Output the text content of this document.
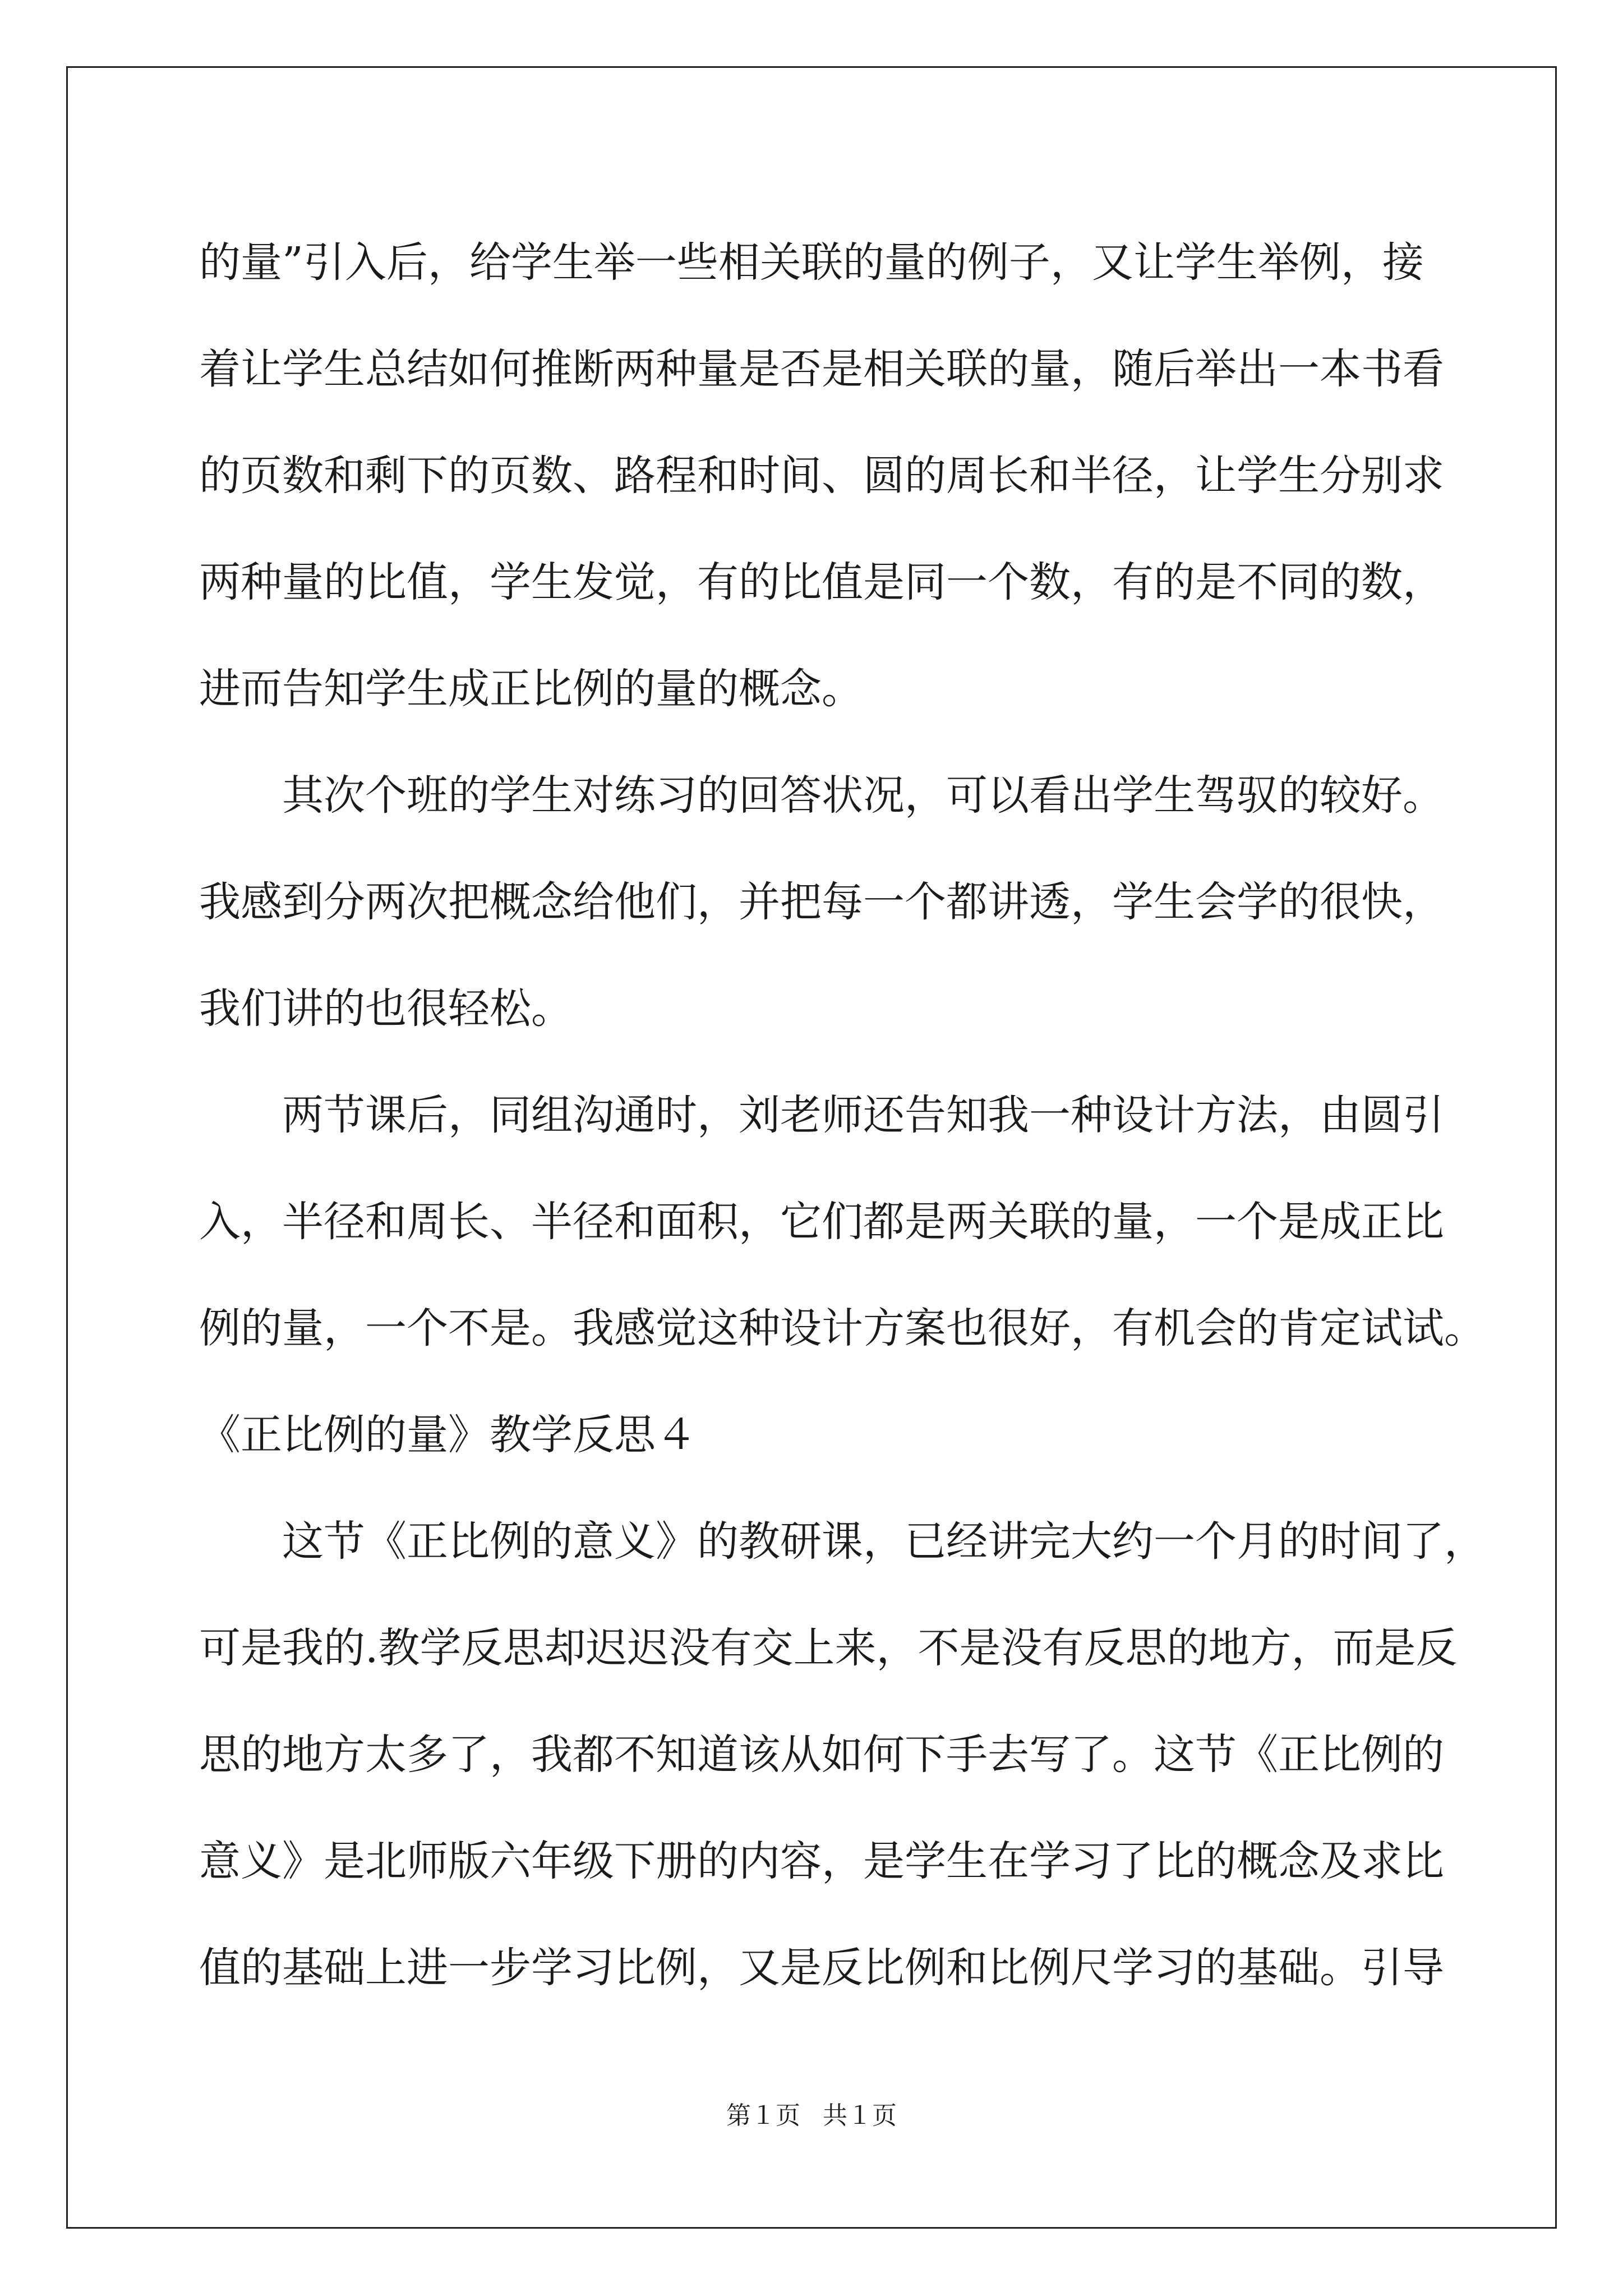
的量”引入后，给学生举一些相关联的量的例子，又让学生举例，接
着让学生总结如何推断两种量是否是相关联的量，随后举出一本书看
的页数和剩下的页数、路程和时间、圆的周长和半径，让学生分别求
两种量的比值，学生发觉，有的比值是同一个数，有的是不同的数，
进而告知学生成正比例的量的概念。
其次个班的学生对练习的回答状况，可以看出学生驾驭的较好。
我感到分两次把概念给他们，并把每一个都讲透，学生会学的很快，
我们讲的也很轻松。
两节课后，同组沟通时，刘老师还告知我一种设计方法，由圆引
入，半径和周长、半径和面积，它们都是两关联的量，一个是成正比
例的量，一个不是。我感觉这种设计方案也很好，有机会的肯定试试。
《正比例的量》教学反思４
这节《正比例的意义》的教研课，已经讲完大约一个月的时间了，
可是我的.教学反思却迟迟没有交上来，不是没有反思的地方，而是反
思的地方太多了，我都不知道该从如何下手去写了。这节《正比例的
意义》是北师版六年级下册的内容，是学生在学习了比的概念及求比
值的基础上进一步学习比例，又是反比例和比例尺学习的基础。引导
第１页 共１页
